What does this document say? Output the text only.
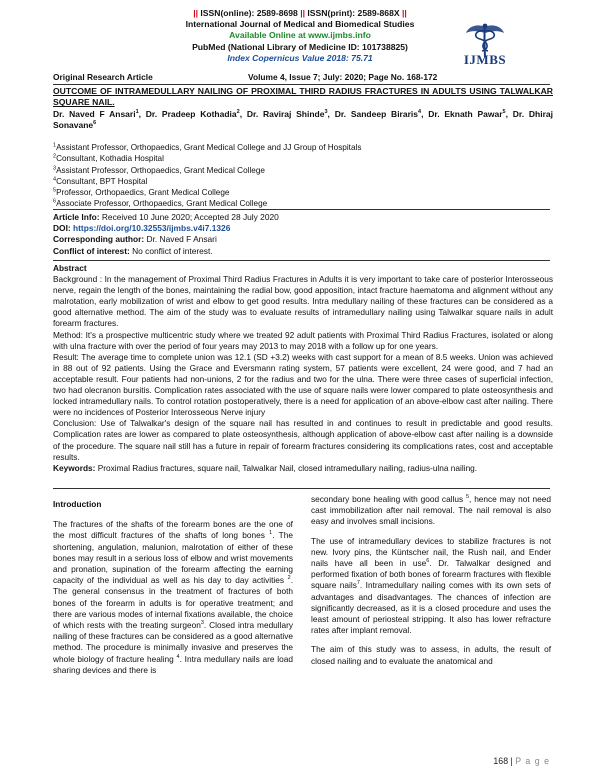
|| ISSN(online): 2589-8698 || ISSN(print): 2589-868X ||
International Journal of Medical and Biomedical Studies
Available Online at www.ijmbs.info
PubMed (National Library of Medicine ID: 101738825)
Index Copernicus Value 2018: 75.71	IJMBS
Original Research Article	Volume 4, Issue 7; July: 2020; Page No. 168-172
OUTCOME OF INTRAMEDULLARY NAILING OF PROXIMAL THIRD RADIUS FRACTURES IN ADULTS USING TALWALKAR SQUARE NAIL.
Dr. Naved F Ansari$^1$, Dr. Pradeep Kothadia$^2$, Dr. Raviraj Shinde$^3$, Dr. Sandeep Biraris$^4$, Dr. Eknath Pawar$^5$, Dr. Dhiraj Sonavane$^6$
$^1$Assistant Professor, Orthopaedics, Grant Medical College and JJ Group of Hospitals
$^2$Consultant, Kothadia Hospital
$^3$Assistant Professor, Orthopaedics, Grant Medical College
$^4$Consultant, BPT Hospital
$^5$Professor, Orthopaedics, Grant Medical College
$^6$Associate Professor, Orthopaedics, Grant Medical College
Article Info: Received 10 June 2020; Accepted 28 July 2020
DOI: https://doi.org/10.32553/ijmbs.v4i7.1326
Corresponding author: Dr. Naved F Ansari
Conflict of interest: No conflict of interest.

Abstract

Background : In the management of Proximal Third Radius Fractures in Adults it is very important to take care of posterior Interosseous nerve, regain the length of the bones, maintaining the radial bow, good apposition, intact fracture haematoma and alignment without any malrotation, early mobilization of wrist and elbow to get good results. Intra medullary nailing of these fractures can be considered as a good alternative method. The aim of the study was to evaluate results of intramedullary nailing using Talwalkar square nails in adult forearm fractures.

Method: It's a prospective multicentric study where we treated 92 adult patients with Proximal Third Radius Fractures, isolated or along with ulna fracture with over the period of four years may 2013 to may 2018 with a follow up for one years.

Result: The average time to complete union was 12.1 (SD +3.2) weeks with cast support for a mean of 8.5 weeks. Union was achieved in 88 out of 92 patients. Using the Grace and Eversmann rating system, 57 patients were excellent, 24 were good, and 7 had an acceptable result. Four patients had non-unions, 2 for the radius and two for the ulna. There were three cases of superficial infection, two had olecranon bursitis. Complication rates associated with the use of square nails were lower compared to plate osteosynthesis and locked intramedullary nails. To control rotation postoperatively, there is a need for application of an above-elbow cast after nailing. There were no incidences of Posterior Interosseous Nerve injury

Conclusion: Use of Talwalkar's design of the square nail has resulted in and continues to result in predictable and good results. Complication rates are lower as compared to plate osteosynthesis, although application of above-elbow cast after nailing is a downside of the procedure. The square nail still has a future in repair of forearm fractures considering its complications rates, cost and acceptable results.

Keywords: Proximal Radius fractures, square nail, Talwalkar Nail, closed intramedullary nailing, radius-ulna nailing.

Introduction

The fractures of the shafts of the forearm bones are the one of the most difficult fractures of the shafts of long bones $^1$. The shortening, angulation, malunion, malrotation of either of these bones may result in a serious loss of elbow and wrist movements and pronation, supination of the forearm affecting the earning capacity of the individual as well as his day to day activities $^2$. The general consensus in the treatment of fractures of both bones of the forearm in adults is for operative treatment; and there are various modes of internal fixations available, the choice of which rests with the treating surgeon$^3$. Closed intra medullary nailing of these fractures can be considered as a good alternative method. The procedure is minimally invasive and preserves the whole biology of fracture healing $^4$. Intra medullary nails are load sharing devices and there is

secondary bone healing with good callus $^5$, hence may not need cast immobilization after nail removal. The nail removal is also easy and involves small incisions.

The use of intramedullary devices to stabilize fractures is not new. Ivory pins, the Küntscher nail, the Rush nail, and Ender nails have all been in use$^6$. Dr. Talwalkar designed and performed fixation of both bones of forearm fractures with flexible square nails$^7$. Intramedullary nailing comes with its own sets of advantages and disadvantages. The chances of infection are significantly decreased, as it is a closed procedure and uses the least amount of periosteal stripping. It also has lower refracture rates after implant removal.

The aim of this study was to assess, in adults, the result of closed nailing and to evaluate the anatomical and

168 | P a g e
